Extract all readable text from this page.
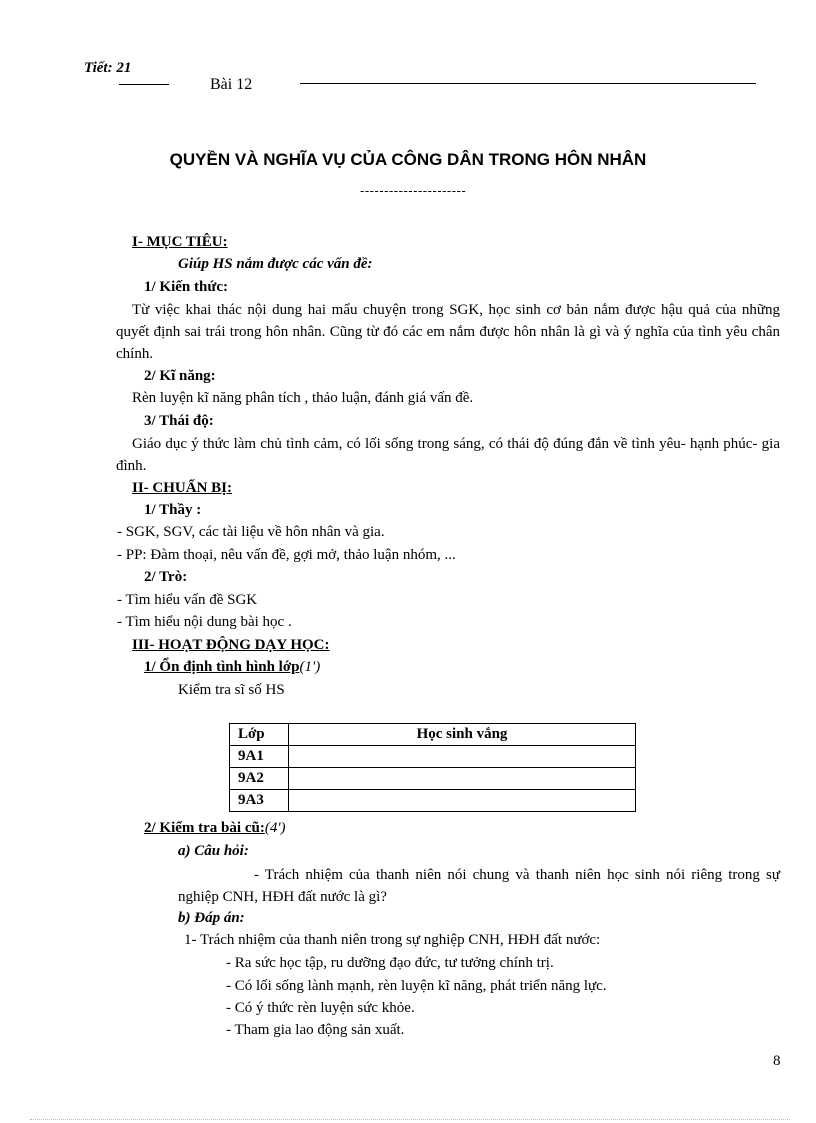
Tiết: 21
Bài 12
QUYỀN VÀ NGHĨA VỤ CỦA CÔNG DÂN TRONG HÔN NHÂN
----------------------
I- MỤC TIÊU:
Giúp HS nắm được các vấn đề:
1/ Kiến thức:
Từ việc khai thác nội dung hai mẩu chuyện trong SGK, học sinh cơ bản nắm được hậu quả của những quyết định sai trái trong hôn nhân. Cũng từ đó các em nắm được hôn nhân là gì và ý nghĩa của tình yêu chân chính.
2/ Kĩ năng:
Rèn luyện kĩ năng phân tích , thảo luận, đánh giá vấn đề.
3/ Thái độ:
Giáo dục ý thức làm chủ tình cảm, có lối sống trong sáng, có thái độ đúng đắn về tình yêu- hạnh phúc- gia đình.
II- CHUẨN BỊ:
1/ Thầy :
- SGK, SGV, các tài liệu về hôn nhân và gia.
- PP: Đàm thoại, nêu vấn đề, gợi mở, thảo luận nhóm, ...
2/ Trò:
- Tìm hiểu vấn đề SGK
- Tìm hiểu nội dung bài học .
III- HOẠT ĐỘNG DẠY HỌC:
1/ Ổn định tình hình lớp(1')
Kiểm tra sĩ số HS
Lớp	Học sinh vắng
9A1	
9A2	
9A3	
2/ Kiểm tra bài cũ:(4')
a) Câu hỏi:
- Trách nhiệm của thanh niên nói chung và thanh niên học sinh nói riêng trong sự nghiệp CNH, HĐH đất nước là gì?
b) Đáp án:
1- Trách nhiệm của thanh niên trong sự nghiệp CNH, HĐH đất nước:
- Ra sức học tập, ru dưỡng đạo đức, tư tưởng chính trị.
- Có lối sống lành mạnh, rèn luyện kĩ năng, phát triển năng lực.
- Có ý thức rèn luyện sức khỏe.
- Tham gia lao động sản xuất.
8
